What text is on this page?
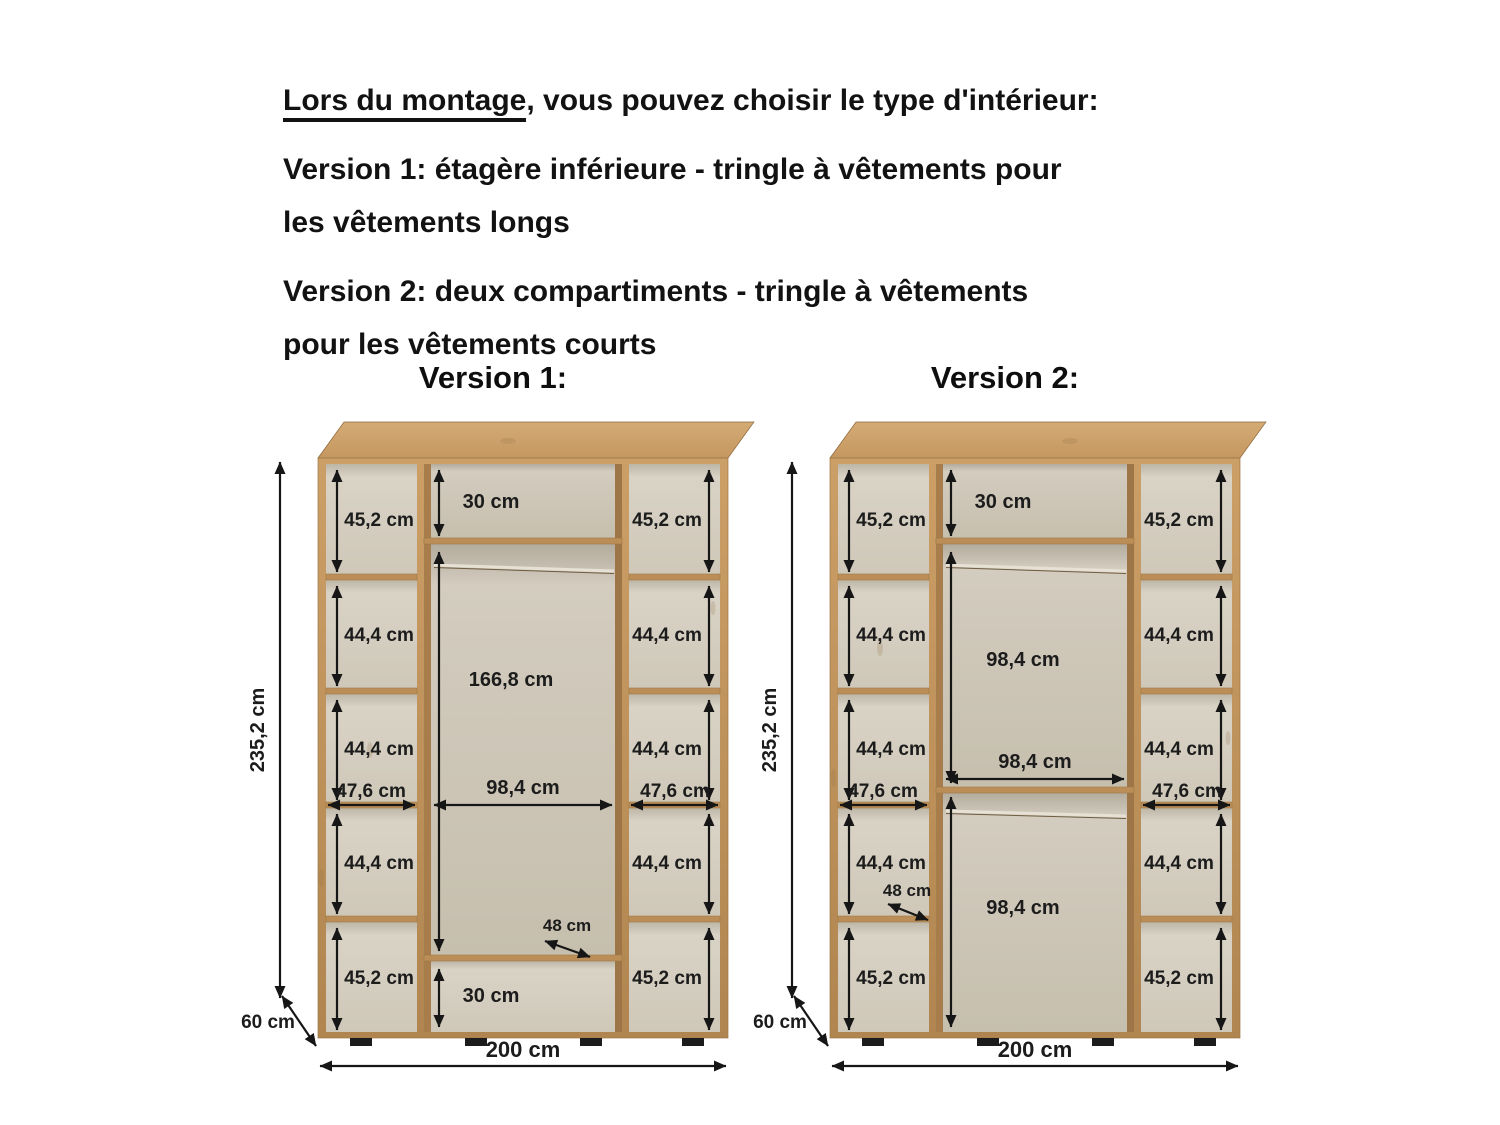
Lors du montage, vous pouvez choisir le type d'intérieur:

Version 1: étagère inférieure - tringle à vêtements pour
les vêtements longs

Version 2: deux compartiments - tringle à vêtements
pour les vêtements courts

Version 1:	Version 2:
45,2 cm
44,4 cm
44,4 cm
47,6 cm
44,4 cm
45,2 cm
45,2 cm
44,4 cm
44,4 cm
47,6 cm
44,4 cm
45,2 cm
30 cm
166,8 cm
98,4 cm
48 cm
30 cm
235,2 cm
200 cm
60 cm
45,2 cm
44,4 cm
44,4 cm
47,6 cm
44,4 cm
45,2 cm
45,2 cm
44,4 cm
44,4 cm
47,6 cm
44,4 cm
45,2 cm
30 cm
98,4 cm
98,4 cm
48 cm
98,4 cm
235,2 cm
200 cm
60 cm
